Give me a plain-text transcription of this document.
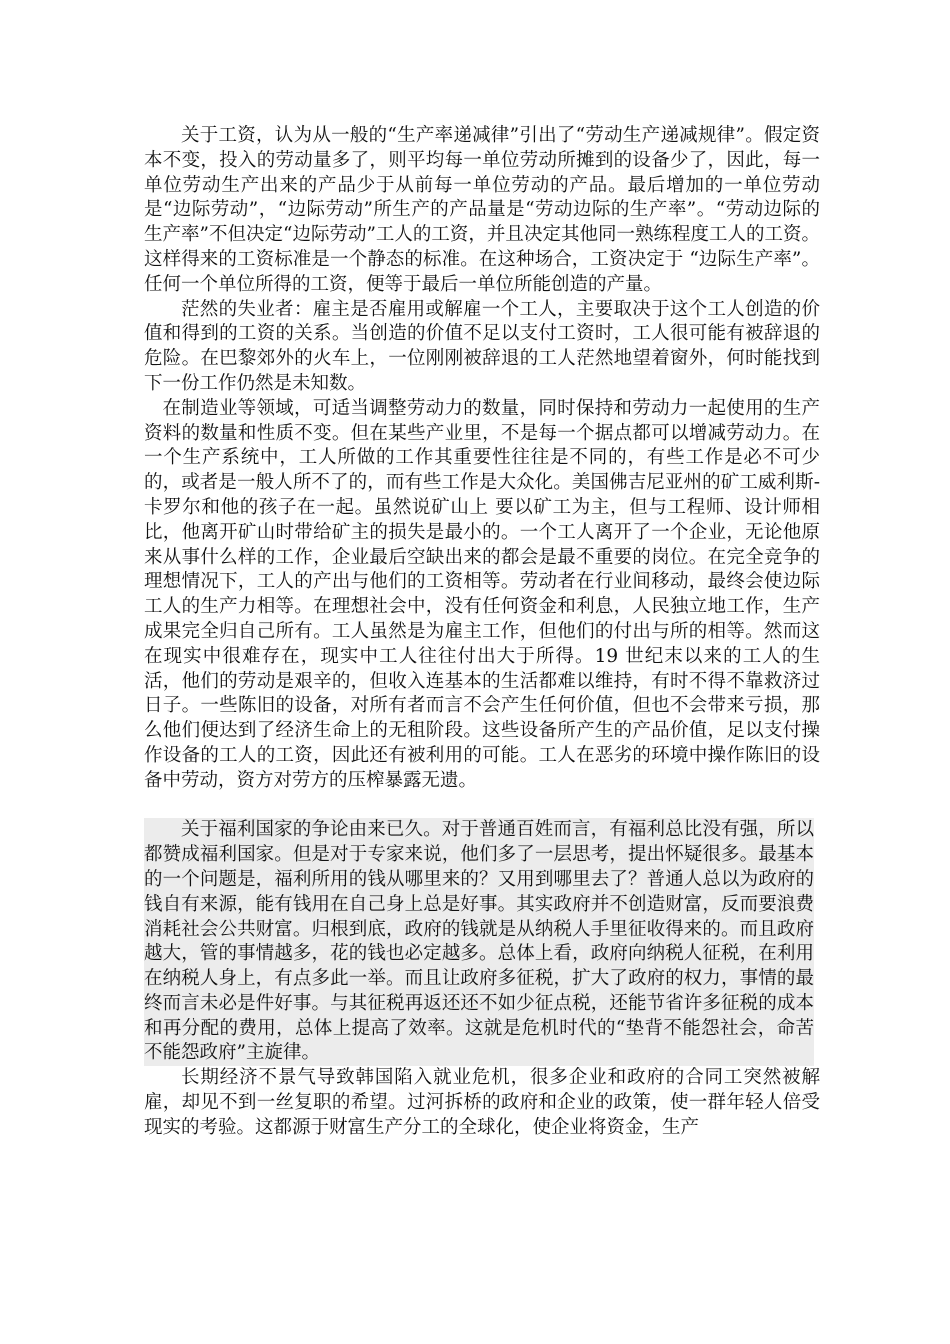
关于工资，认为从一般的“生产率递减律”引出了“劳动生产递减规律”。假定资本不变，投入的劳动量多了，则平均每一单位劳动所摊到的设备少了，因此，每一单位劳动生产出来的产品少于从前每一单位劳动的产品。最后增加的一单位劳动是“边际劳动”，“边际劳动”所生产的产品量是“劳动边际的生产率”。“劳动边际的生产率”不但决定“边际劳动”工人的工资，并且决定其他同一熟练程度工人的工资。这样得来的工资标准是一个静态的标准。在这种场合，工资决定于 “边际生产率”。任何一个单位所得的工资，便等于最后一单位所能创造的产量。

茫然的失业者：雇主是否雇用或解雇一个工人，主要取决于这个工人创造的价值和得到的工资的关系。当创造的价值不足以支付工资时，工人很可能有被辞退的危险。在巴黎郊外的火车上，一位刚刚被辞退的工人茫然地望着窗外，何时能找到下一份工作仍然是未知数。

在制造业等领域，可适当调整劳动力的数量，同时保持和劳动力一起使用的生产资料的数量和性质不变。但在某些产业里，不是每一个据点都可以增减劳动力。在一个生产系统中，工人所做的工作其重要性往往是不同的，有些工作是必不可少的，或者是一般人所不了的，而有些工作是大众化。美国佛吉尼亚州的矿工威利斯-卡罗尔和他的孩子在一起。虽然说矿山上 要以矿工为主，但与工程师、设计师相比，他离开矿山时带给矿主的损失是最小的。一个工人离开了一个企业，无论他原来从事什么样的工作，企业最后空缺出来的都会是最不重要的岗位。在完全竞争的理想情况下，工人的产出与他们的工资相等。劳动者在行业间移动，最终会使边际工人的生产力相等。在理想社会中，没有任何资金和利息，人民独立地工作，生产成果完全归自己所有。工人虽然是为雇主工作，但他们的付出与所的相等。然而这在现实中很难存在，现实中工人往往付出大于所得。19 世纪末以来的工人的生活，他们的劳动是艰辛的，但收入连基本的生活都难以维持，有时不得不靠救济过日子。一些陈旧的设备，对所有者而言不会产生任何价值，但也不会带来亏损，那么他们便达到了经济生命上的无租阶段。这些设备所产生的产品价值，足以支付操作设备的工人的工资，因此还有被利用的可能。工人在恶劣的环境中操作陈旧的设备中劳动，资方对劳方的压榨暴露无遗。

关于福利国家的争论由来已久。对于普通百姓而言，有福利总比没有强，所以都赞成福利国家。但是对于专家来说，他们多了一层思考，提出怀疑很多。最基本的一个问题是，福利所用的钱从哪里来的？又用到哪里去了？普通人总以为政府的钱自有来源，能有钱用在自己身上总是好事。其实政府并不创造财富，反而要浪费消耗社会公共财富。归根到底，政府的钱就是从纳税人手里征收得来的。而且政府越大，管的事情越多，花的钱也必定越多。总体上看，政府向纳税人征税，在利用在纳税人身上，有点多此一举。而且让政府多征税，扩大了政府的权力，事情的最终而言未必是件好事。与其征税再返还还不如少征点税，还能节省许多征税的成本和再分配的费用，总体上提高了效率。这就是危机时代的“垫背不能怨社会，命苦不能怨政府”主旋律。

长期经济不景气导致韩国陷入就业危机，很多企业和政府的合同工突然被解雇，却见不到一丝复职的希望。过河拆桥的政府和企业的政策，使一群年轻人倍受现实的考验。这都源于财富生产分工的全球化，使企业将资金，生产
